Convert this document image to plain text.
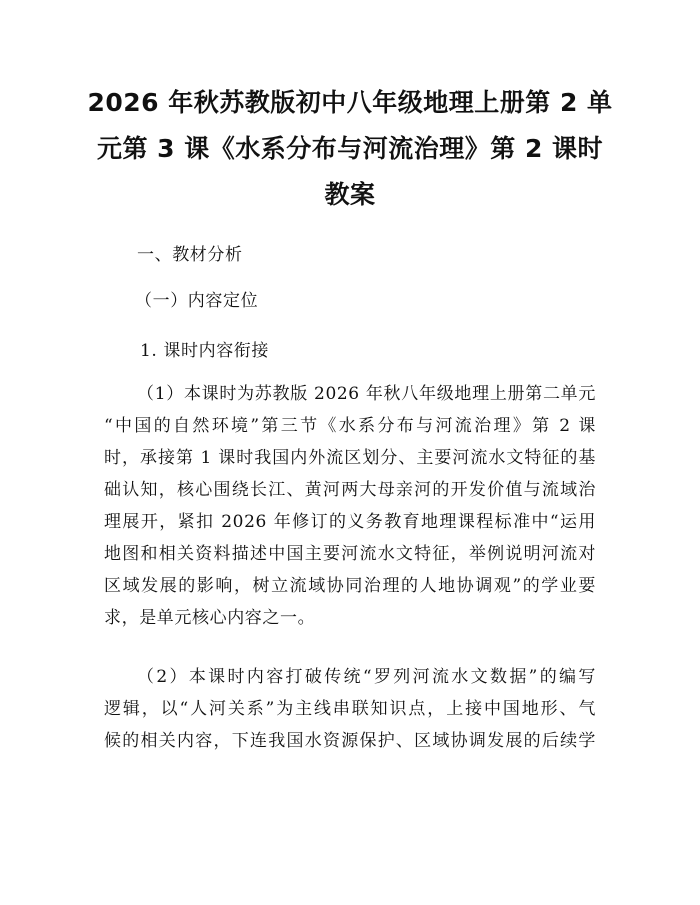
2026 年秋苏教版初中八年级地理上册第 2 单
元第 3 课《水系分布与河流治理》第 2 课时
教案
一、教材分析
（一）内容定位
1. 课时内容衔接
（1）本课时为苏教版 2026 年秋八年级地理上册第二单元
“中国的自然环境”第三节《水系分布与河流治理》第 2 课
时，承接第 1 课时我国内外流区划分、主要河流水文特征的基
础认知，核心围绕长江、黄河两大母亲河的开发价值与流域治
理展开，紧扣 2026 年修订的义务教育地理课程标准中“运用
地图和相关资料描述中国主要河流水文特征，举例说明河流对
区域发展的影响，树立流域协同治理的人地协调观”的学业要
求，是单元核心内容之一。
（2）本课时内容打破传统“罗列河流水文数据”的编写
逻辑，以“人河关系”为主线串联知识点，上接中国地形、气
候的相关内容，下连我国水资源保护、区域协调发展的后续学
